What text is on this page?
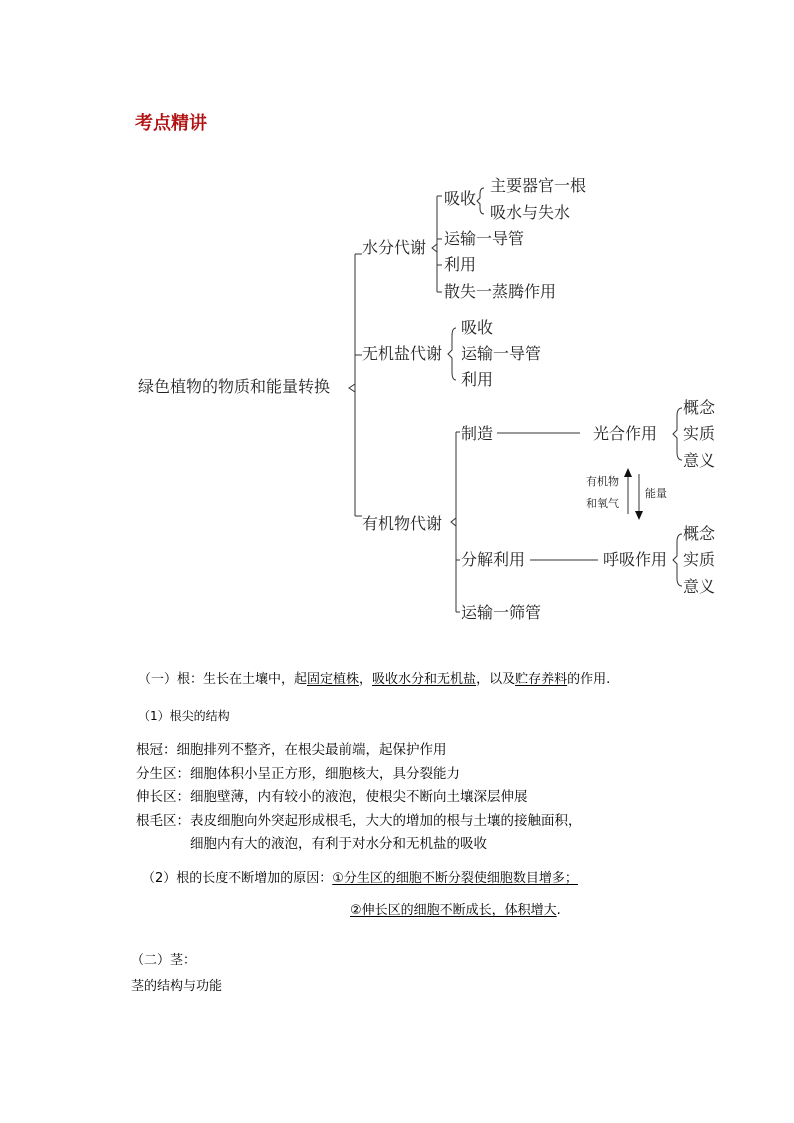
考点精讲
绿色植物的物质和能量转换
水分代谢
吸收
主要器官一根
吸水与失水
运输一导管
利用
散失一蒸腾作用
无机盐代谢
吸收
运输一导管
利用
有机物代谢
制造	光合作用
概念
实质
意义
有机物
和氧气
能量
分解利用	呼吸作用
概念
实质
意义
运输一筛管
（一）根：生长在土壤中，起固定植株，吸收水分和无机盐，以及贮存养料的作用.
（1）根尖的结构
根冠：细胞排列不整齐，在根尖最前端，起保护作用
分生区：细胞体积小呈正方形，细胞核大，具分裂能力
伸长区：细胞壁薄，内有较小的液泡，使根尖不断向土壤深层伸展
根毛区：表皮细胞向外突起形成根毛，大大的增加的根与土壤的接触面积，
细胞内有大的液泡，有利于对水分和无机盐的吸收
（2）根的长度不断增加的原因：①分生区的细胞不断分裂使细胞数目增多；
②伸长区的细胞不断成长，体积增大.
（二）茎：
茎的结构与功能
